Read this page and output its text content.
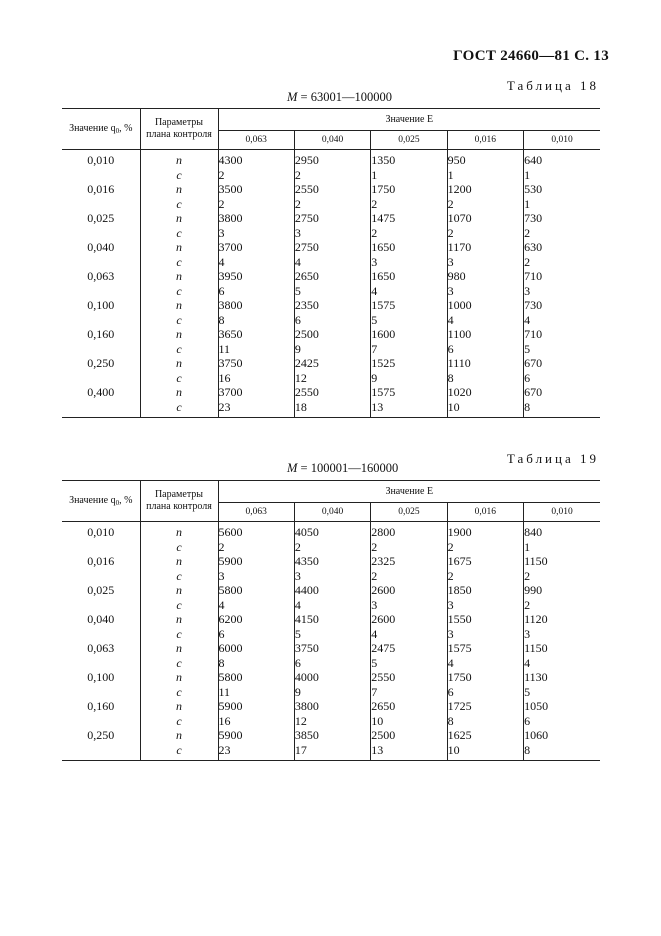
ГОСТ 24660—81 С. 13
Таблица 18
М = 63001—100000
Значение $q_0$, %	Параметры
плана контроля	Значение Е				
		0,063	0,040	0,025	0,016	0,010
0,010	n	4300	2950	1350	950	640
	c	2	2	1	1	1
0,016	n	3500	2550	1750	1200	530
	c	2	2	2	2	1
0,025	n	3800	2750	1475	1070	730
	c	3	3	2	2	2
0,040	n	3700	2750	1650	1170	630
	c	4	4	3	3	2
0,063	n	3950	2650	1650	980	710
	c	6	5	4	3	3
0,100	n	3800	2350	1575	1000	730
	c	8	6	5	4	4
0,160	n	3650	2500	1600	1100	710
	c	11	9	7	6	5
0,250	n	3750	2425	1525	1110	670
	c	16	12	9	8	6
0,400	n	3700	2550	1575	1020	670
	c	23	18	13	10	8
Таблица 19
М = 100001—160000
Значение $q_0$, %	Параметры
плана контроля	Значение Е				
		0,063	0,040	0,025	0,016	0,010
0,010	n	5600	4050	2800	1900	840
	c	2	2	2	2	1
0,016	n	5900	4350	2325	1675	1150
	c	3	3	2	2	2
0,025	n	5800	4400	2600	1850	990
	c	4	4	3	3	2
0,040	n	6200	4150	2600	1550	1120
	c	6	5	4	3	3
0,063	n	6000	3750	2475	1575	1150
	c	8	6	5	4	4
0,100	n	5800	4000	2550	1750	1130
	c	11	9	7	6	5
0,160	n	5900	3800	2650	1725	1050
	c	16	12	10	8	6
0,250	n	5900	3850	2500	1625	1060
	c	23	17	13	10	8
